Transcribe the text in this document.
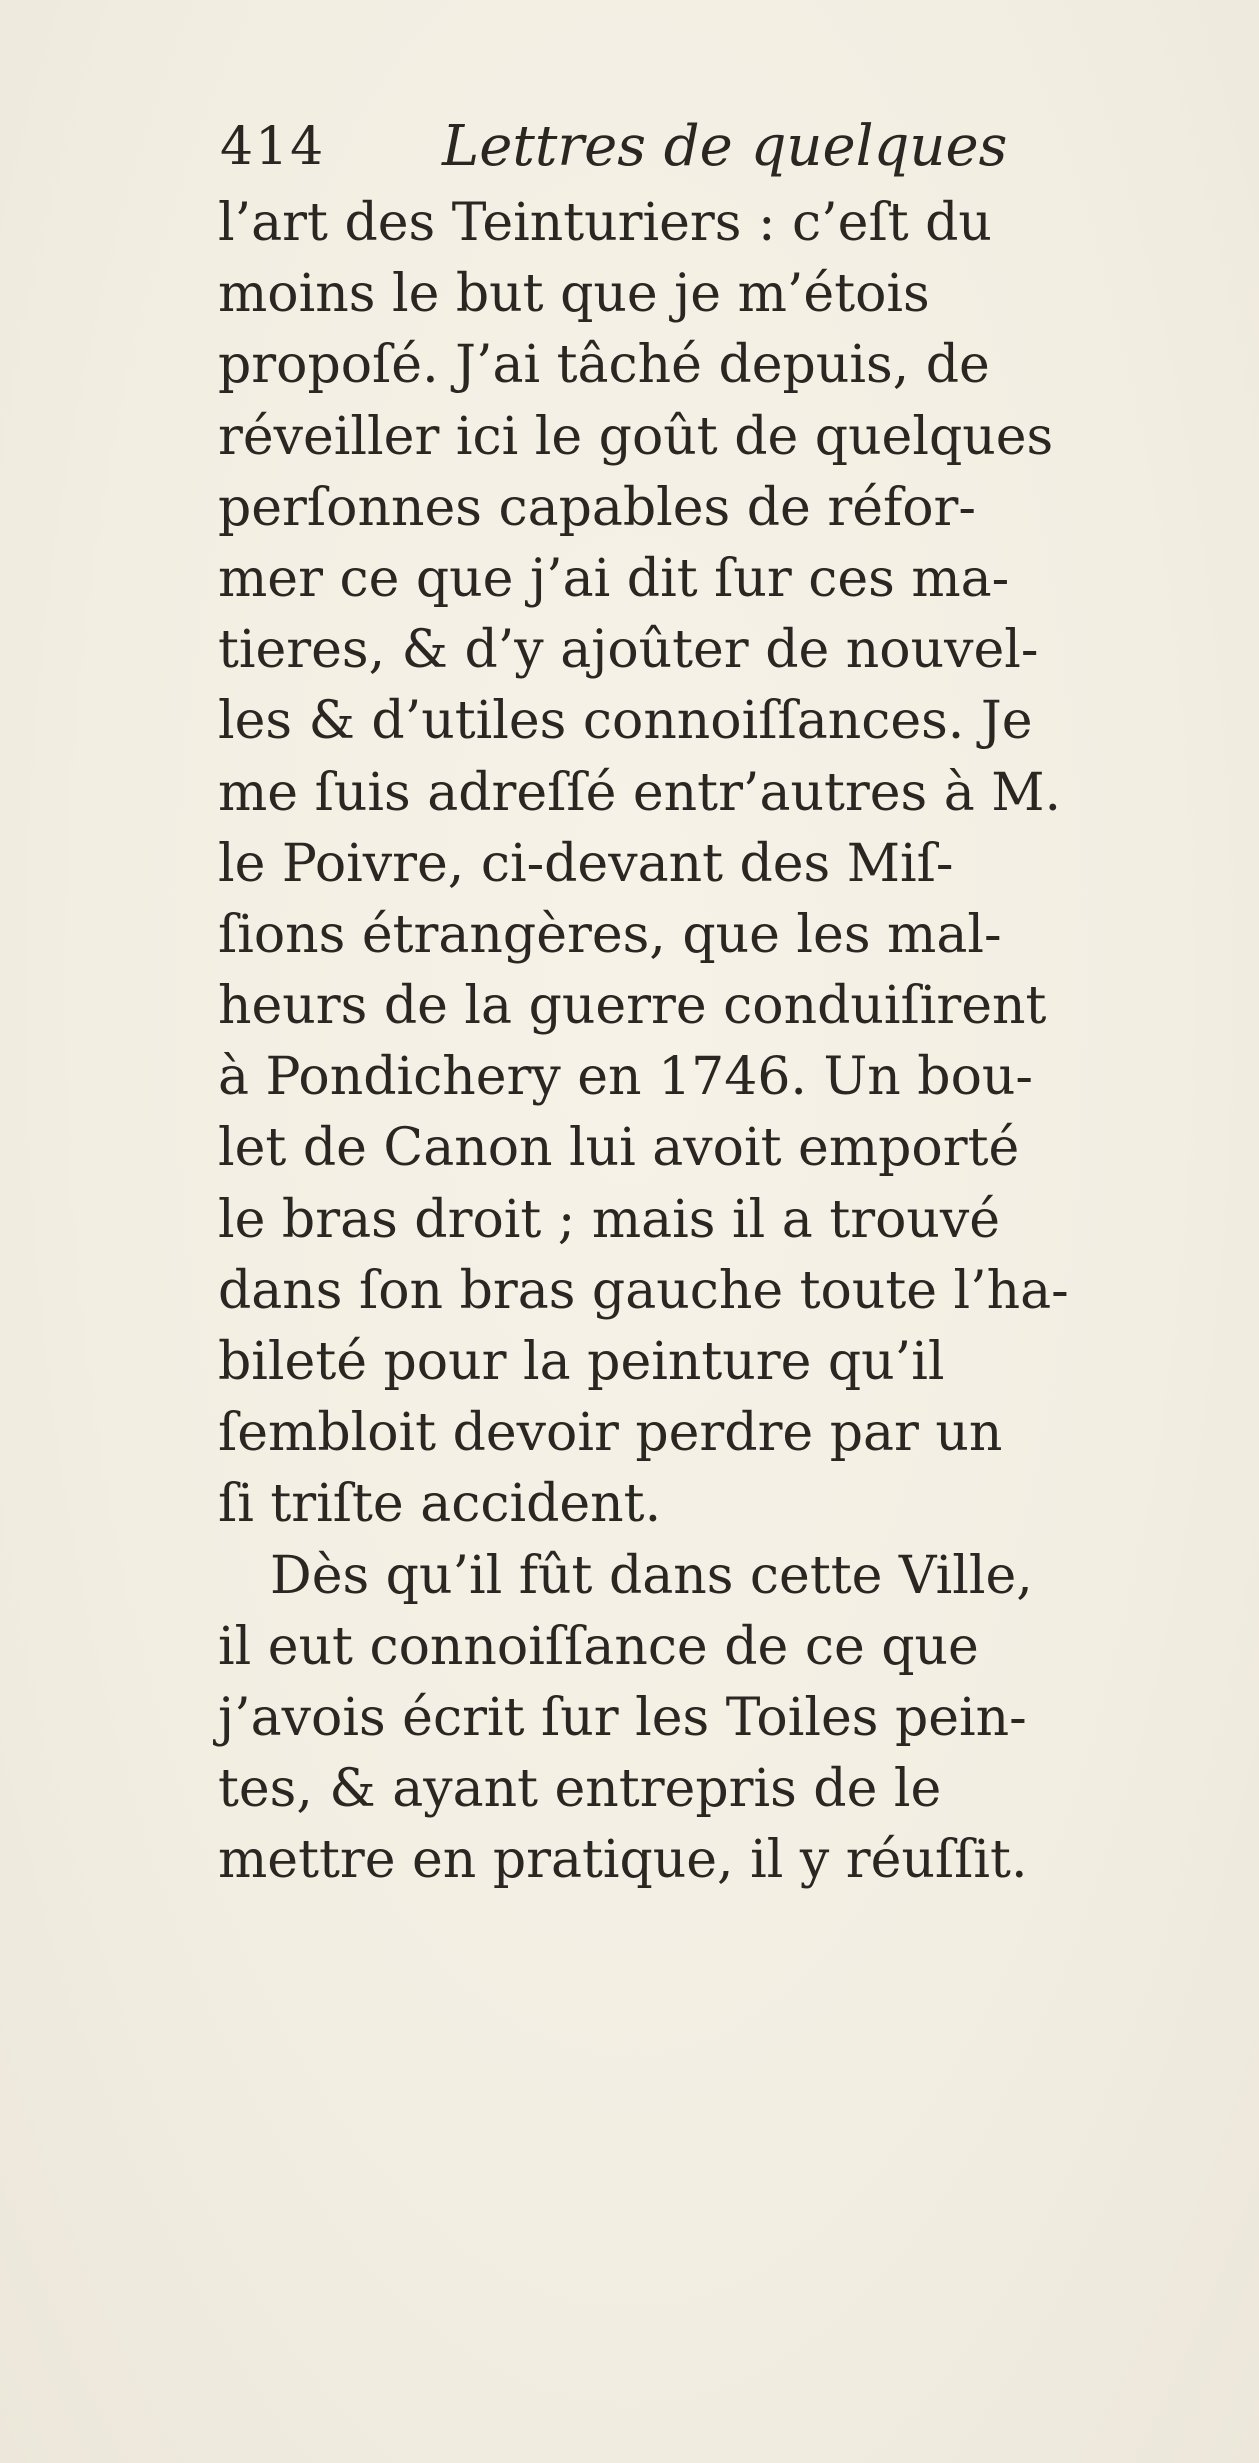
414 Lettres de quelques
l’art des Teinturiers : c’eſt du
moins le but que je m’étois
propoſé. J’ai tâché depuis, de
réveiller ici le goût de quelques
perſonnes capables de réfor-
mer ce que j’ai dit ſur ces ma-
tieres, & d’y ajoûter de nouvel-
les & d’utiles connoiſſances. Je
me ſuis adreſſé entr’autres à M.
le Poivre, ci-devant des Miſ-
ſions étrangères, que les mal-
heurs de la guerre conduiſirent
à Pondichery en 1746. Un bou-
let de Canon lui avoit emporté
le bras droit ; mais il a trouvé
dans ſon bras gauche toute l’ha-
bileté pour la peinture qu’il
ſembloit devoir perdre par un
ſi triſte accident.
Dès qu’il fût dans cette Ville,
il eut connoiſſance de ce que
j’avois écrit ſur les Toiles pein-
tes, & ayant entrepris de le
mettre en pratique, il y réuſſit.
